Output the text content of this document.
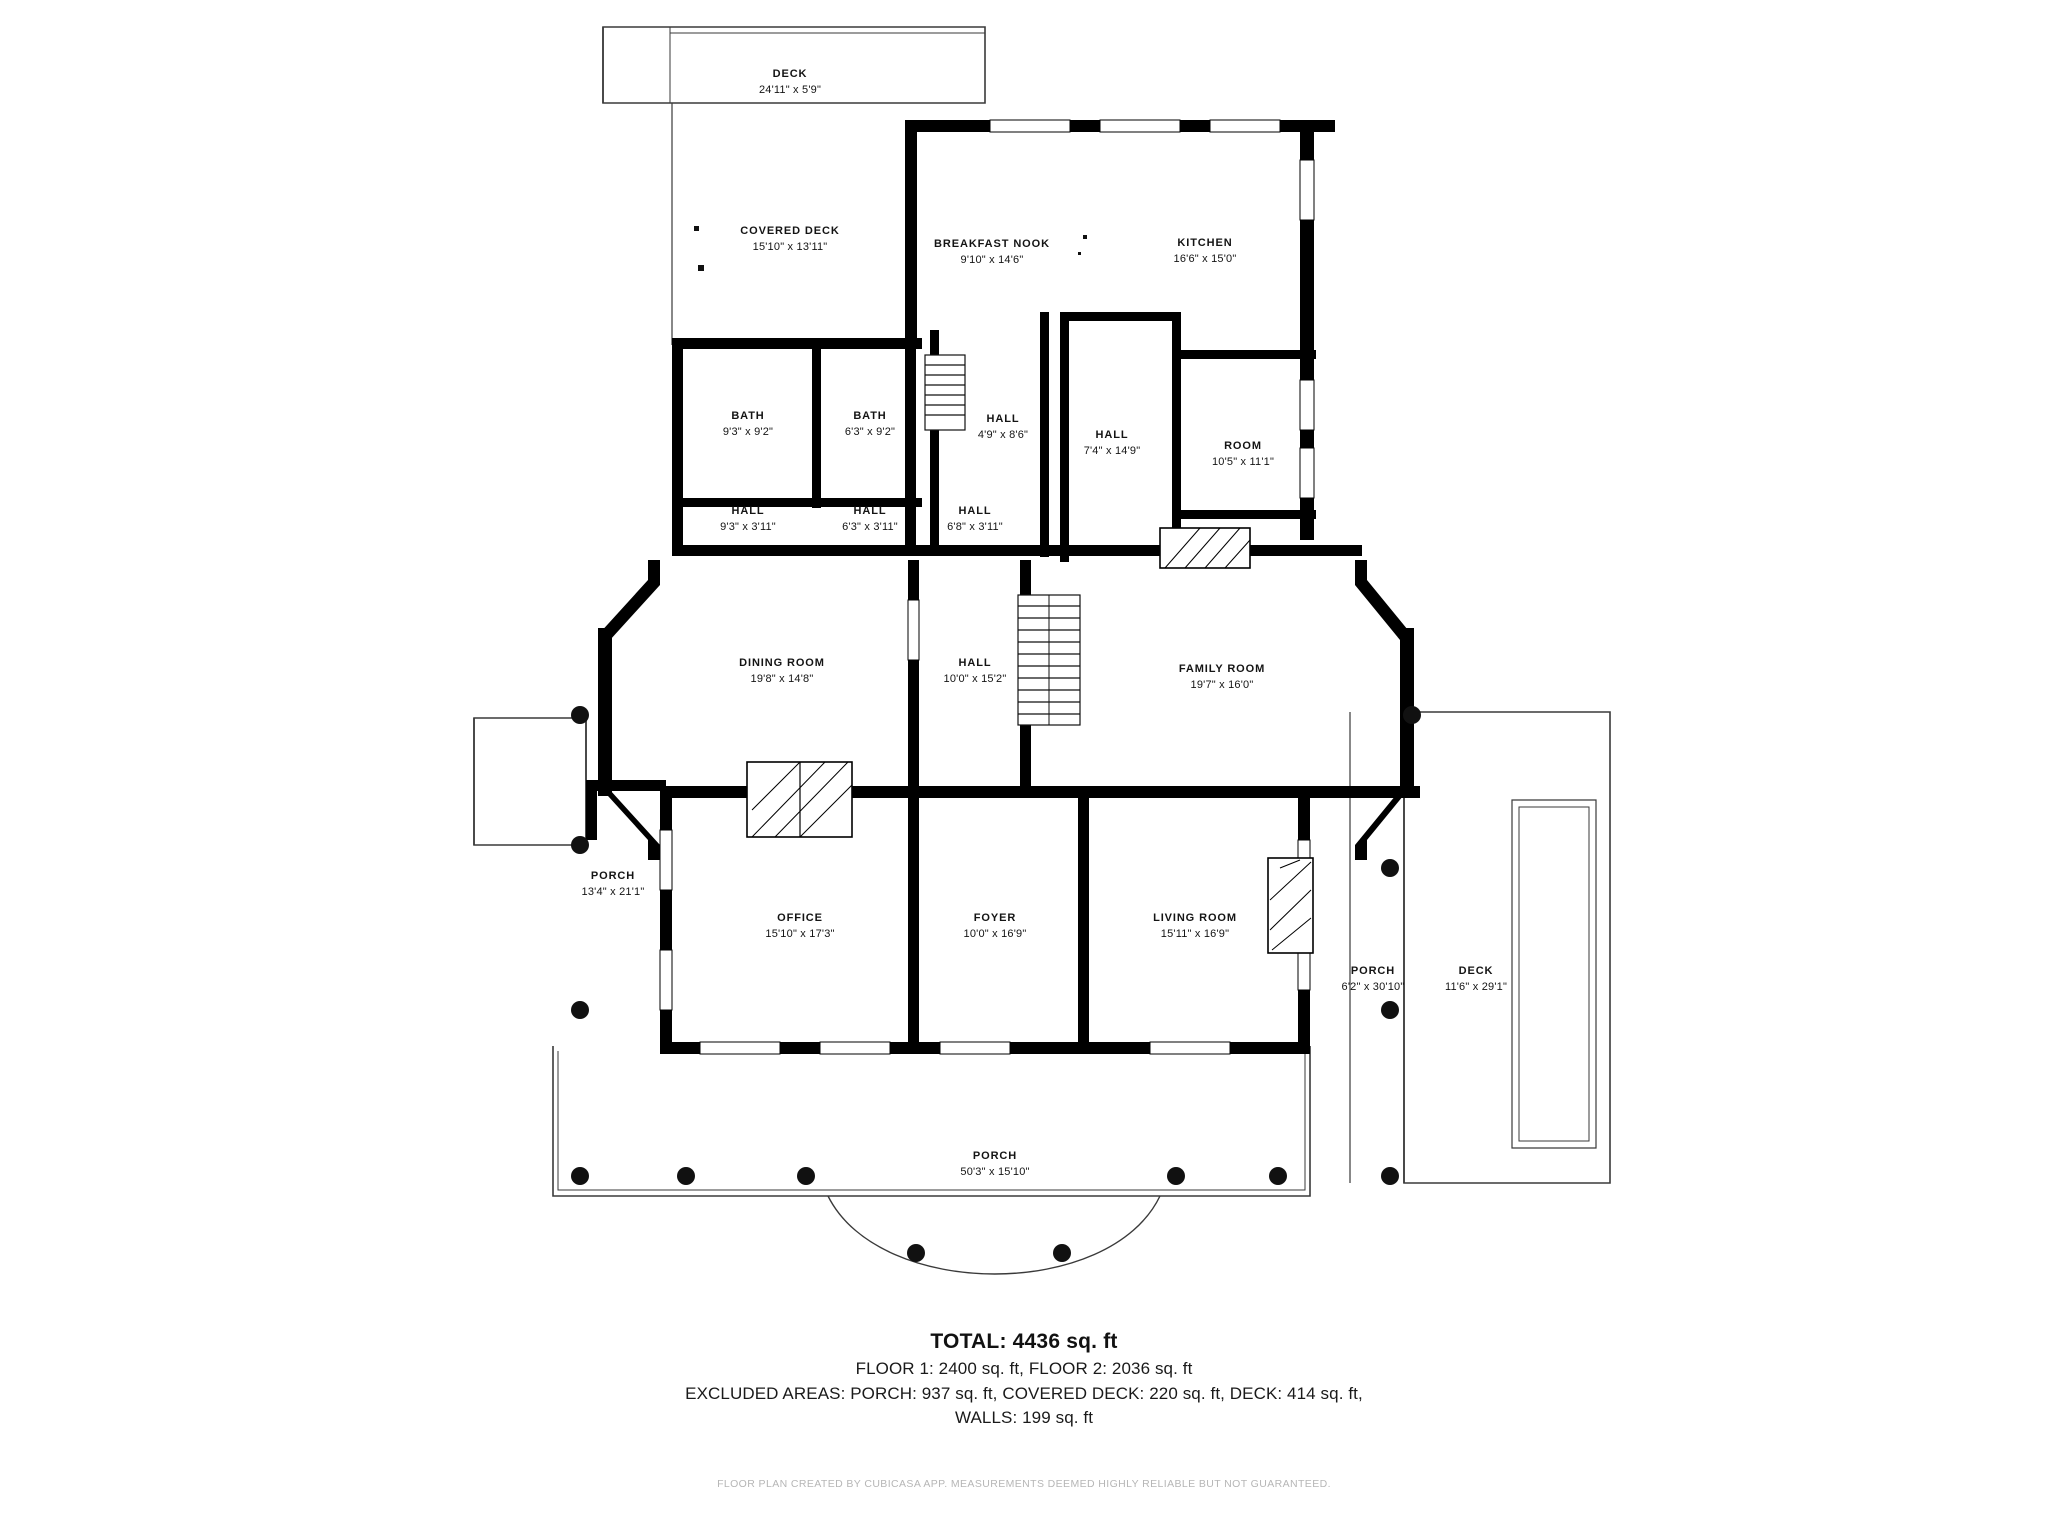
DECK
24'11" x 5'9"
COVERED DECK
15'10" x 13'11"	BREAKFAST NOOK
9'10" x 14'6"
KITCHEN
16'6" x 15'0"
BATH
9'3" x 9'2"
BATH
6'3" x 9'2"
HALL
4'9" x 8'6"	HALL
7'4" x 14'9"	ROOM
10'5" x 11'1"
HALL
9'3" x 3'11"
HALL
6'3" x 3'11"
HALL
6'8" x 3'11"
DINING ROOM
19'8" x 14'8"
HALL
10'0" x 15'2"
FAMILY ROOM
19'7" x 16'0"
PORCH
13'4" x 21'1"
OFFICE
15'10" x 17'3"
FOYER
10'0" x 16'9"
LIVING ROOM
15'11" x 16'9"
PORCH
6'2" x 30'10"
DECK
11'6" x 29'1"
PORCH
50'3" x 15'10"
TOTAL: 4436 sq. ft
FLOOR 1: 2400 sq. ft, FLOOR 2: 2036 sq. ft
EXCLUDED AREAS: PORCH: 937 sq. ft, COVERED DECK: 220 sq. ft, DECK: 414 sq. ft,
WALLS: 199 sq. ft
FLOOR PLAN CREATED BY CUBICASA APP. MEASUREMENTS DEEMED HIGHLY RELIABLE BUT NOT GUARANTEED.
